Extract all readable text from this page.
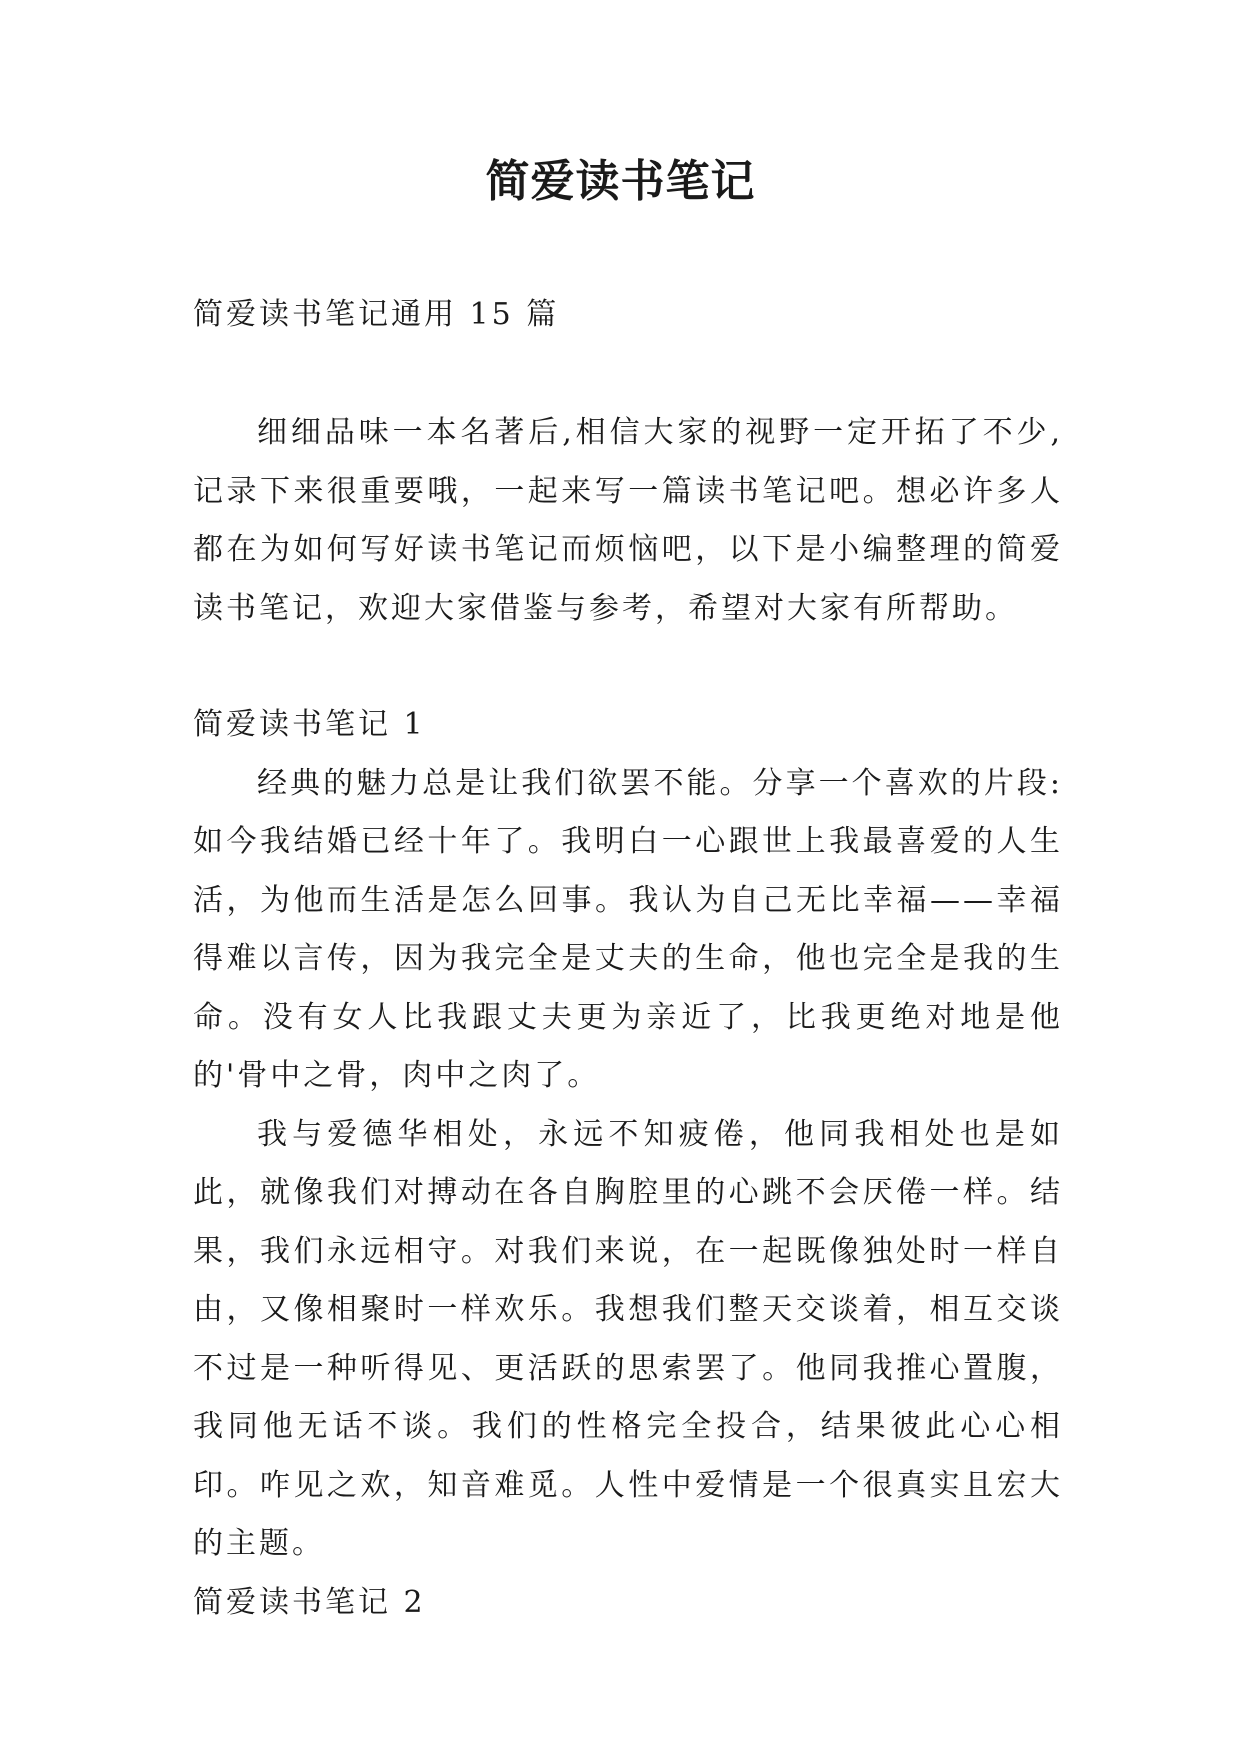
简爱读书笔记

简爱读书笔记通用 15 篇

细细品味一本名著后,相信大家的视野一定开拓了不少,记录下来很重要哦，一起来写一篇读书笔记吧。想必许多人都在为如何写好读书笔记而烦恼吧，以下是小编整理的简爱读书笔记，欢迎大家借鉴与参考，希望对大家有所帮助。

简爱读书笔记 1

经典的魅力总是让我们欲罢不能。分享一个喜欢的片段:如今我结婚已经十年了。我明白一心跟世上我最喜爱的人生活，为他而生活是怎么回事。我认为自己无比幸福——幸福得难以言传，因为我完全是丈夫的生命，他也完全是我的生命。没有女人比我跟丈夫更为亲近了，比我更绝对地是他的'骨中之骨，肉中之肉了。

我与爱德华相处，永远不知疲倦，他同我相处也是如此，就像我们对搏动在各自胸腔里的心跳不会厌倦一样。结果，我们永远相守。对我们来说，在一起既像独处时一样自由，又像相聚时一样欢乐。我想我们整天交谈着，相互交谈不过是一种听得见、更活跃的思索罢了。他同我推心置腹，我同他无话不谈。我们的性格完全投合，结果彼此心心相印。咋见之欢，知音难觅。人性中爱情是一个很真实且宏大的主题。

简爱读书笔记 2
